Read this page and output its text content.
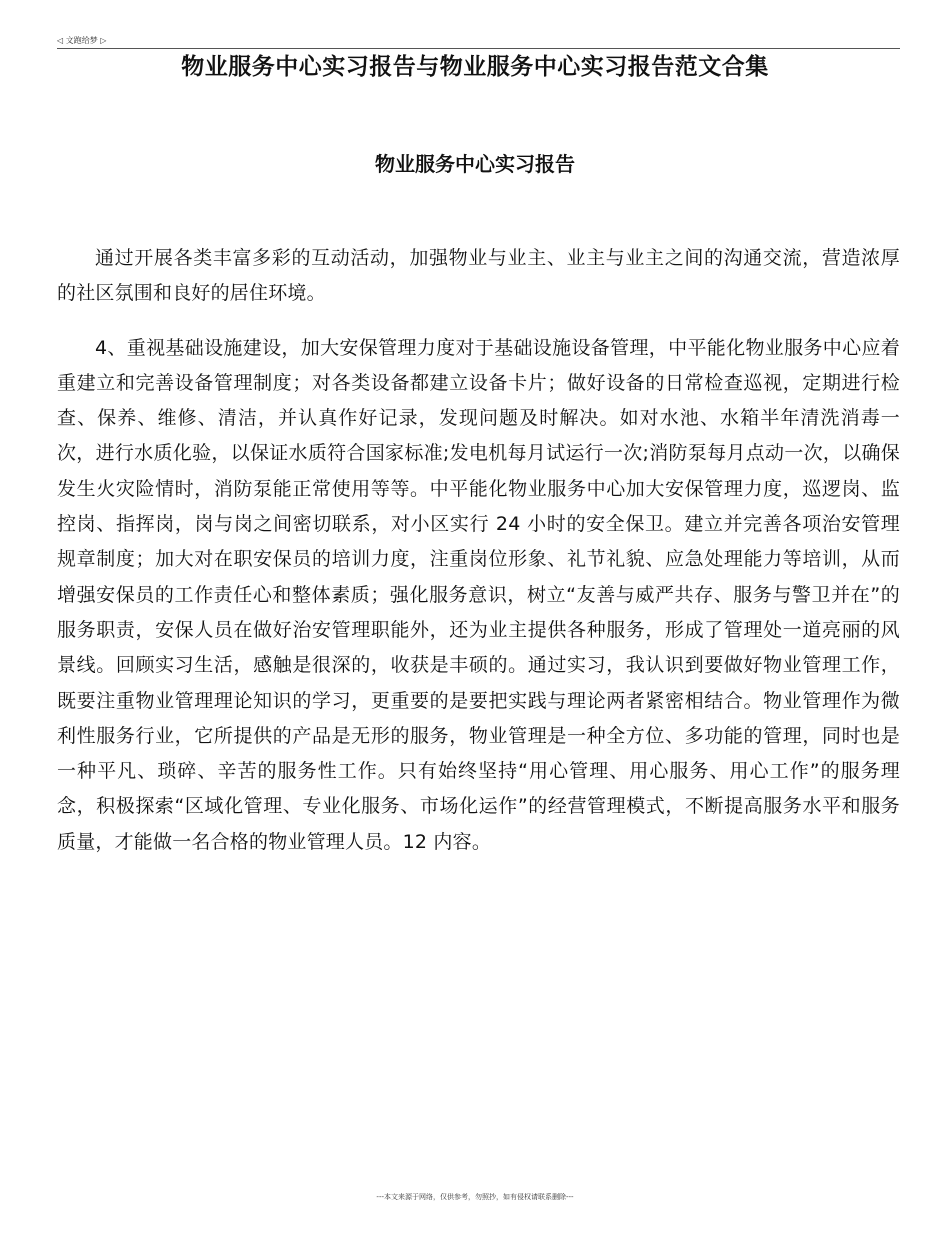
◁ 文跑给梦 ▷
物业服务中心实习报告与物业服务中心实习报告范文合集
物业服务中心实习报告

通过开展各类丰富多彩的互动活动，加强物业与业主、业主与业主之间的沟通交流，营造浓厚的社区氛围和良好的居住环境。

4、重视基础设施建设，加大安保管理力度对于基础设施设备管理，中平能化物业服务中心应着重建立和完善设备管理制度；对各类设备都建立设备卡片；做好设备的日常检查巡视，定期进行检查、保养、维修、清洁，并认真作好记录，发现问题及时解决。如对水池、水箱半年清洗消毒一次，进行水质化验，以保证水质符合国家标准;发电机每月试运行一次;消防泵每月点动一次，以确保发生火灾险情时，消防泵能正常使用等等。中平能化物业服务中心加大安保管理力度，巡逻岗、监控岗、指挥岗，岗与岗之间密切联系，对小区实行 24 小时的安全保卫。建立并完善各项治安管理规章制度；加大对在职安保员的培训力度，注重岗位形象、礼节礼貌、应急处理能力等培训，从而增强安保员的工作责任心和整体素质；强化服务意识，树立“友善与威严共存、服务与警卫并在”的服务职责，安保人员在做好治安管理职能外，还为业主提供各种服务，形成了管理处一道亮丽的风景线。回顾实习生活，感触是很深的，收获是丰硕的。通过实习，我认识到要做好物业管理工作，既要注重物业管理理论知识的学习，更重要的是要把实践与理论两者紧密相结合。物业管理作为微利性服务行业，它所提供的产品是无形的服务，物业管理是一种全方位、多功能的管理，同时也是一种平凡、琐碎、辛苦的服务性工作。只有始终坚持“用心管理、用心服务、用心工作”的服务理念，积极探索“区域化管理、专业化服务、市场化运作”的经营管理模式，不断提高服务水平和服务质量，才能做一名合格的物业管理人员。12 内容。

---本文来源于网络，仅供参考，勿照抄，如有侵权请联系删除---
